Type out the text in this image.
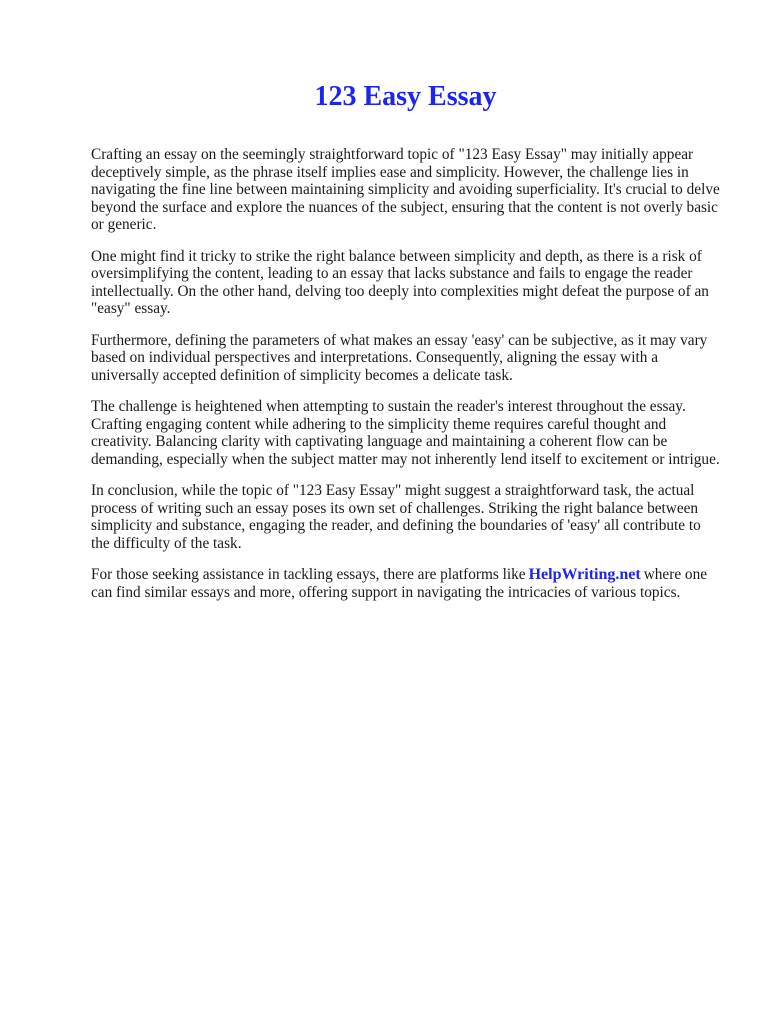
123 Easy Essay

Crafting an essay on the seemingly straightforward topic of "123 Easy Essay" may initially appear deceptively simple, as the phrase itself implies ease and simplicity. However, the challenge lies in navigating the fine line between maintaining simplicity and avoiding superficiality. It's crucial to delve beyond the surface and explore the nuances of the subject, ensuring that the content is not overly basic or generic.

One might find it tricky to strike the right balance between simplicity and depth, as there is a risk of oversimplifying the content, leading to an essay that lacks substance and fails to engage the reader intellectually. On the other hand, delving too deeply into complexities might defeat the purpose of an "easy" essay.

Furthermore, defining the parameters of what makes an essay 'easy' can be subjective, as it may vary based on individual perspectives and interpretations. Consequently, aligning the essay with a universally accepted definition of simplicity becomes a delicate task.

The challenge is heightened when attempting to sustain the reader's interest throughout the essay. Crafting engaging content while adhering to the simplicity theme requires careful thought and creativity. Balancing clarity with captivating language and maintaining a coherent flow can be demanding, especially when the subject matter may not inherently lend itself to excitement or intrigue.

In conclusion, while the topic of "123 Easy Essay" might suggest a straightforward task, the actual process of writing such an essay poses its own set of challenges. Striking the right balance between simplicity and substance, engaging the reader, and defining the boundaries of 'easy' all contribute to the difficulty of the task.

For those seeking assistance in tackling essays, there are platforms like HelpWriting.net where one can find similar essays and more, offering support in navigating the intricacies of various topics.
